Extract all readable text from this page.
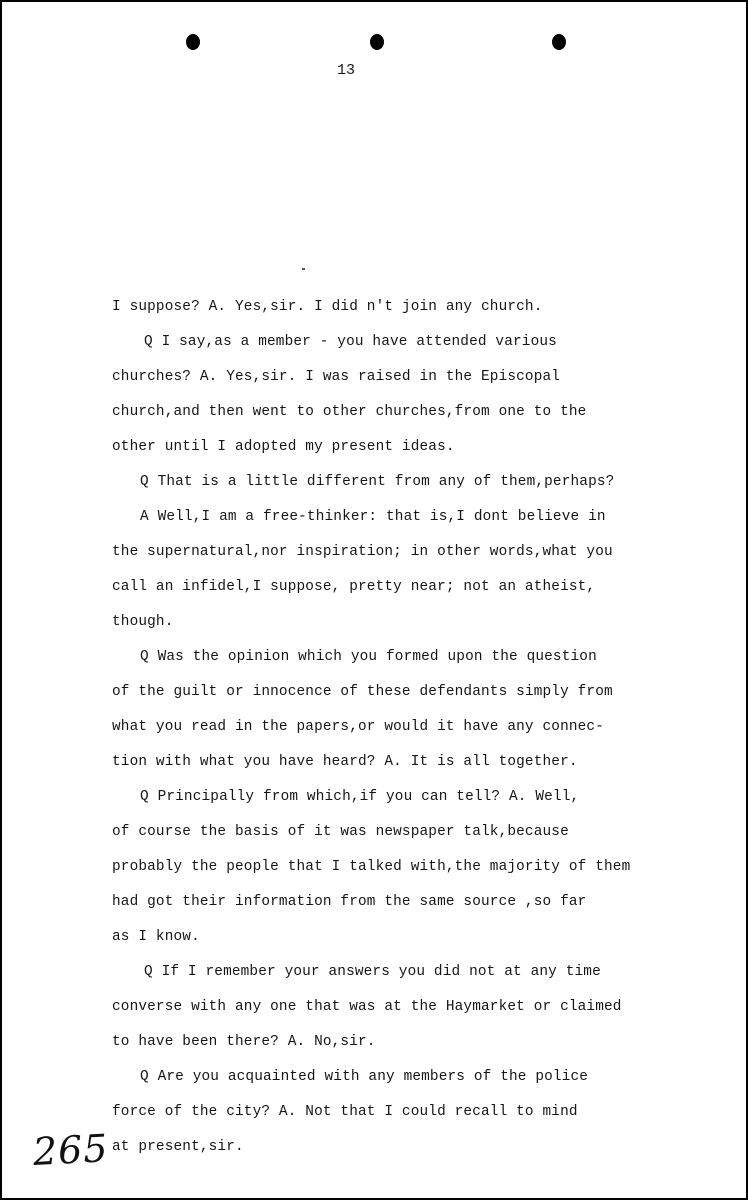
13
I suppose? A. Yes,sir. I did n't join any church.
Q I say,as a member - you have attended various
churches? A. Yes,sir. I was raised in the Episcopal
church,and then went to other churches,from one to the
other until I adopted my present ideas.
Q That is a little different from any of them,perhaps?
A Well,I am a free-thinker: that is,I dont believe in
the supernatural,nor inspiration; in other words,what you
call an infidel,I suppose, pretty near; not an atheist,
though.
Q Was the opinion which you formed upon the question
of the guilt or innocence of these defendants simply from
what you read in the papers,or would it have any connec-
tion with what you have heard? A. It is all together.
Q Principally from which,if you can tell? A. Well,
of course the basis of it was newspaper talk,because
probably the people that I talked with,the majority of them
had got their information from the same source ,so far
as I know.
Q If I remember your answers you did not at any time
converse with any one that was at the Haymarket or claimed
to have been there? A. No,sir.
Q Are you acquainted with any members of the police
force of the city? A. Not that I could recall to mind
at present,sir.
265
